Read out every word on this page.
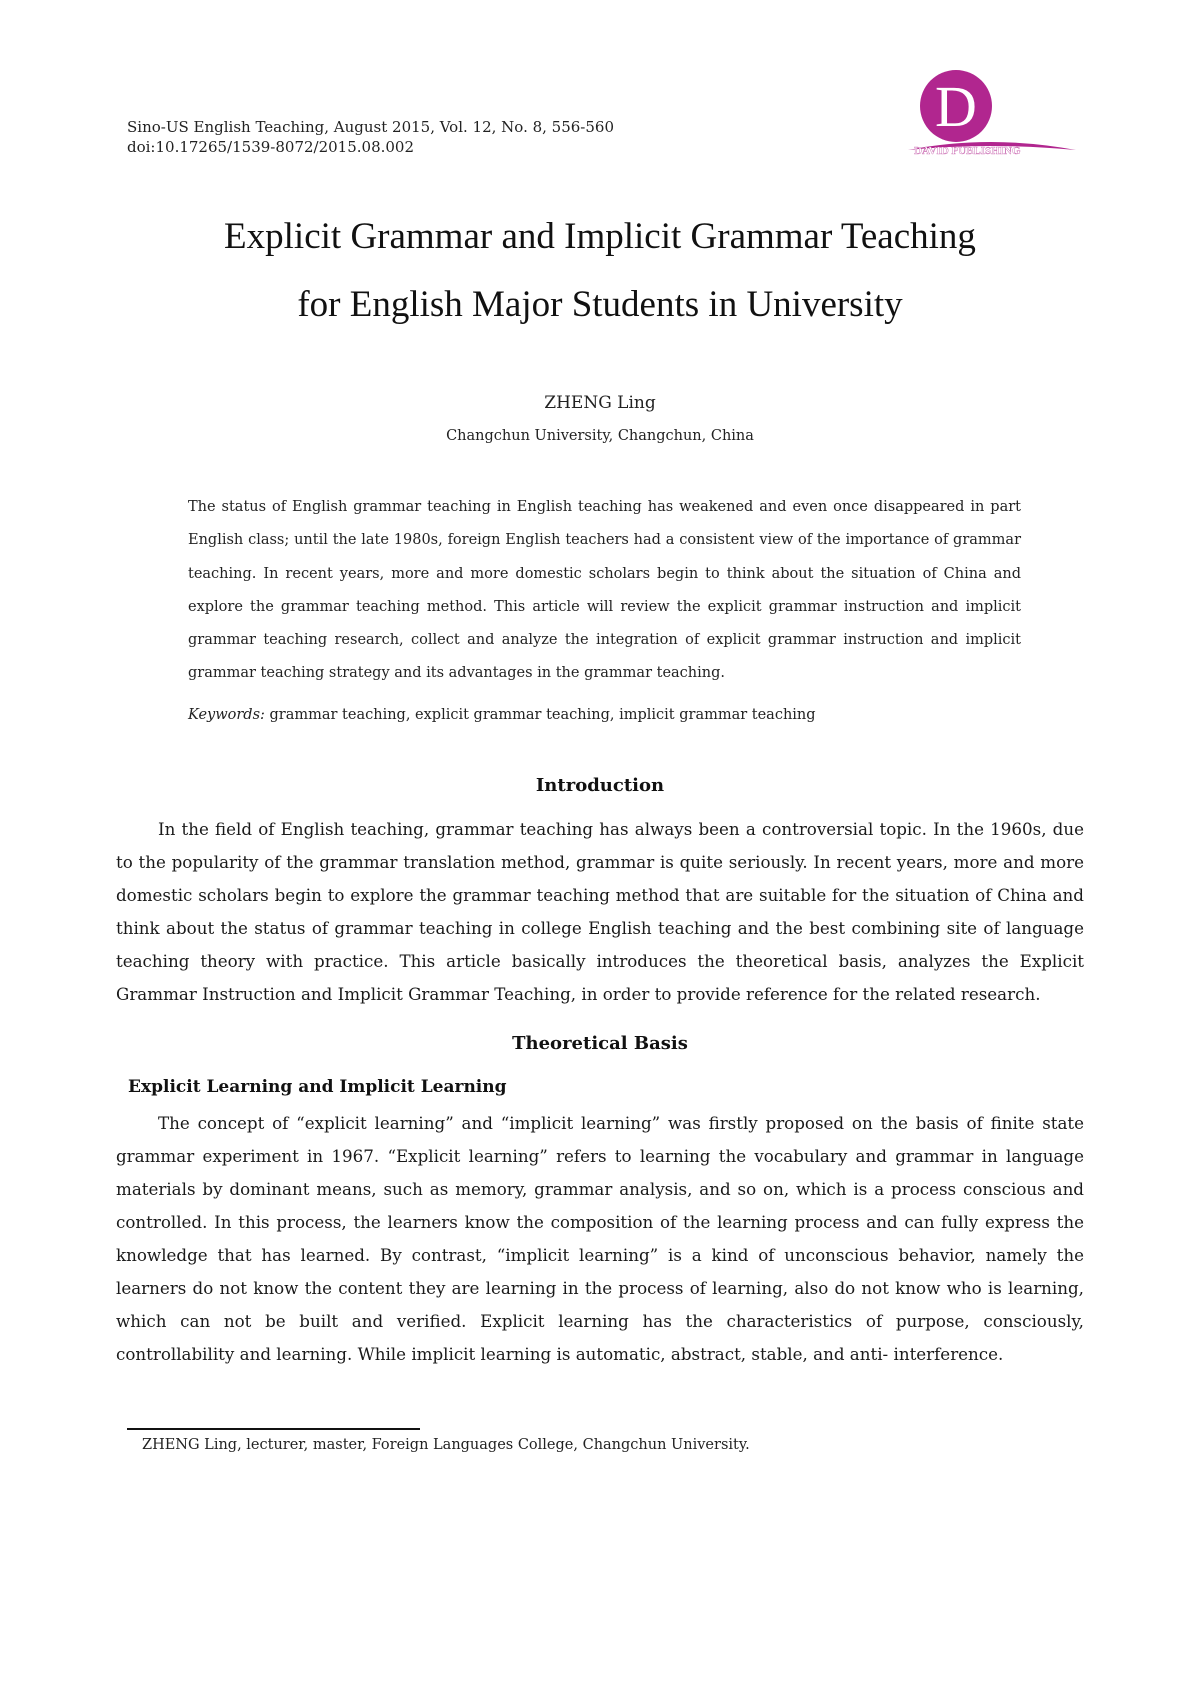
Sino-US English Teaching, August 2015, Vol. 12, No. 8, 556-560
doi:10.17265/1539-8072/2015.08.002
D
DAVID PUBLISHING
Explicit Grammar and Implicit Grammar Teaching
for English Major Students in University
ZHENG Ling
Changchun University, Changchun, China
The status of English grammar teaching in English teaching has weakened and even once disappeared in part English class; until the late 1980s, foreign English teachers had a consistent view of the importance of grammar teaching. In recent years, more and more domestic scholars begin to think about the situation of China and explore the grammar teaching method. This article will review the explicit grammar instruction and implicit grammar teaching research, collect and analyze the integration of explicit grammar instruction and implicit grammar teaching strategy and its advantages in the grammar teaching.
Keywords: grammar teaching, explicit grammar teaching, implicit grammar teaching
Introduction
In the field of English teaching, grammar teaching has always been a controversial topic. In the 1960s, due to the popularity of the grammar translation method, grammar is quite seriously. In recent years, more and more domestic scholars begin to explore the grammar teaching method that are suitable for the situation of China and think about the status of grammar teaching in college English teaching and the best combining site of language teaching theory with practice. This article basically introduces the theoretical basis, analyzes the Explicit Grammar Instruction and Implicit Grammar Teaching, in order to provide reference for the related research.
Theoretical Basis
Explicit Learning and Implicit Learning
The concept of “explicit learning” and “implicit learning” was firstly proposed on the basis of finite state grammar experiment in 1967. “Explicit learning” refers to learning the vocabulary and grammar in language materials by dominant means, such as memory, grammar analysis, and so on, which is a process conscious and controlled. In this process, the learners know the composition of the learning process and can fully express the knowledge that has learned. By contrast, “implicit learning” is a kind of unconscious behavior, namely the learners do not know the content they are learning in the process of learning, also do not know who is learning, which can not be built and verified. Explicit learning has the characteristics of purpose, consciously, controllability and learning. While implicit learning is automatic, abstract, stable, and anti- interference.
ZHENG Ling, lecturer, master, Foreign Languages College, Changchun University.
